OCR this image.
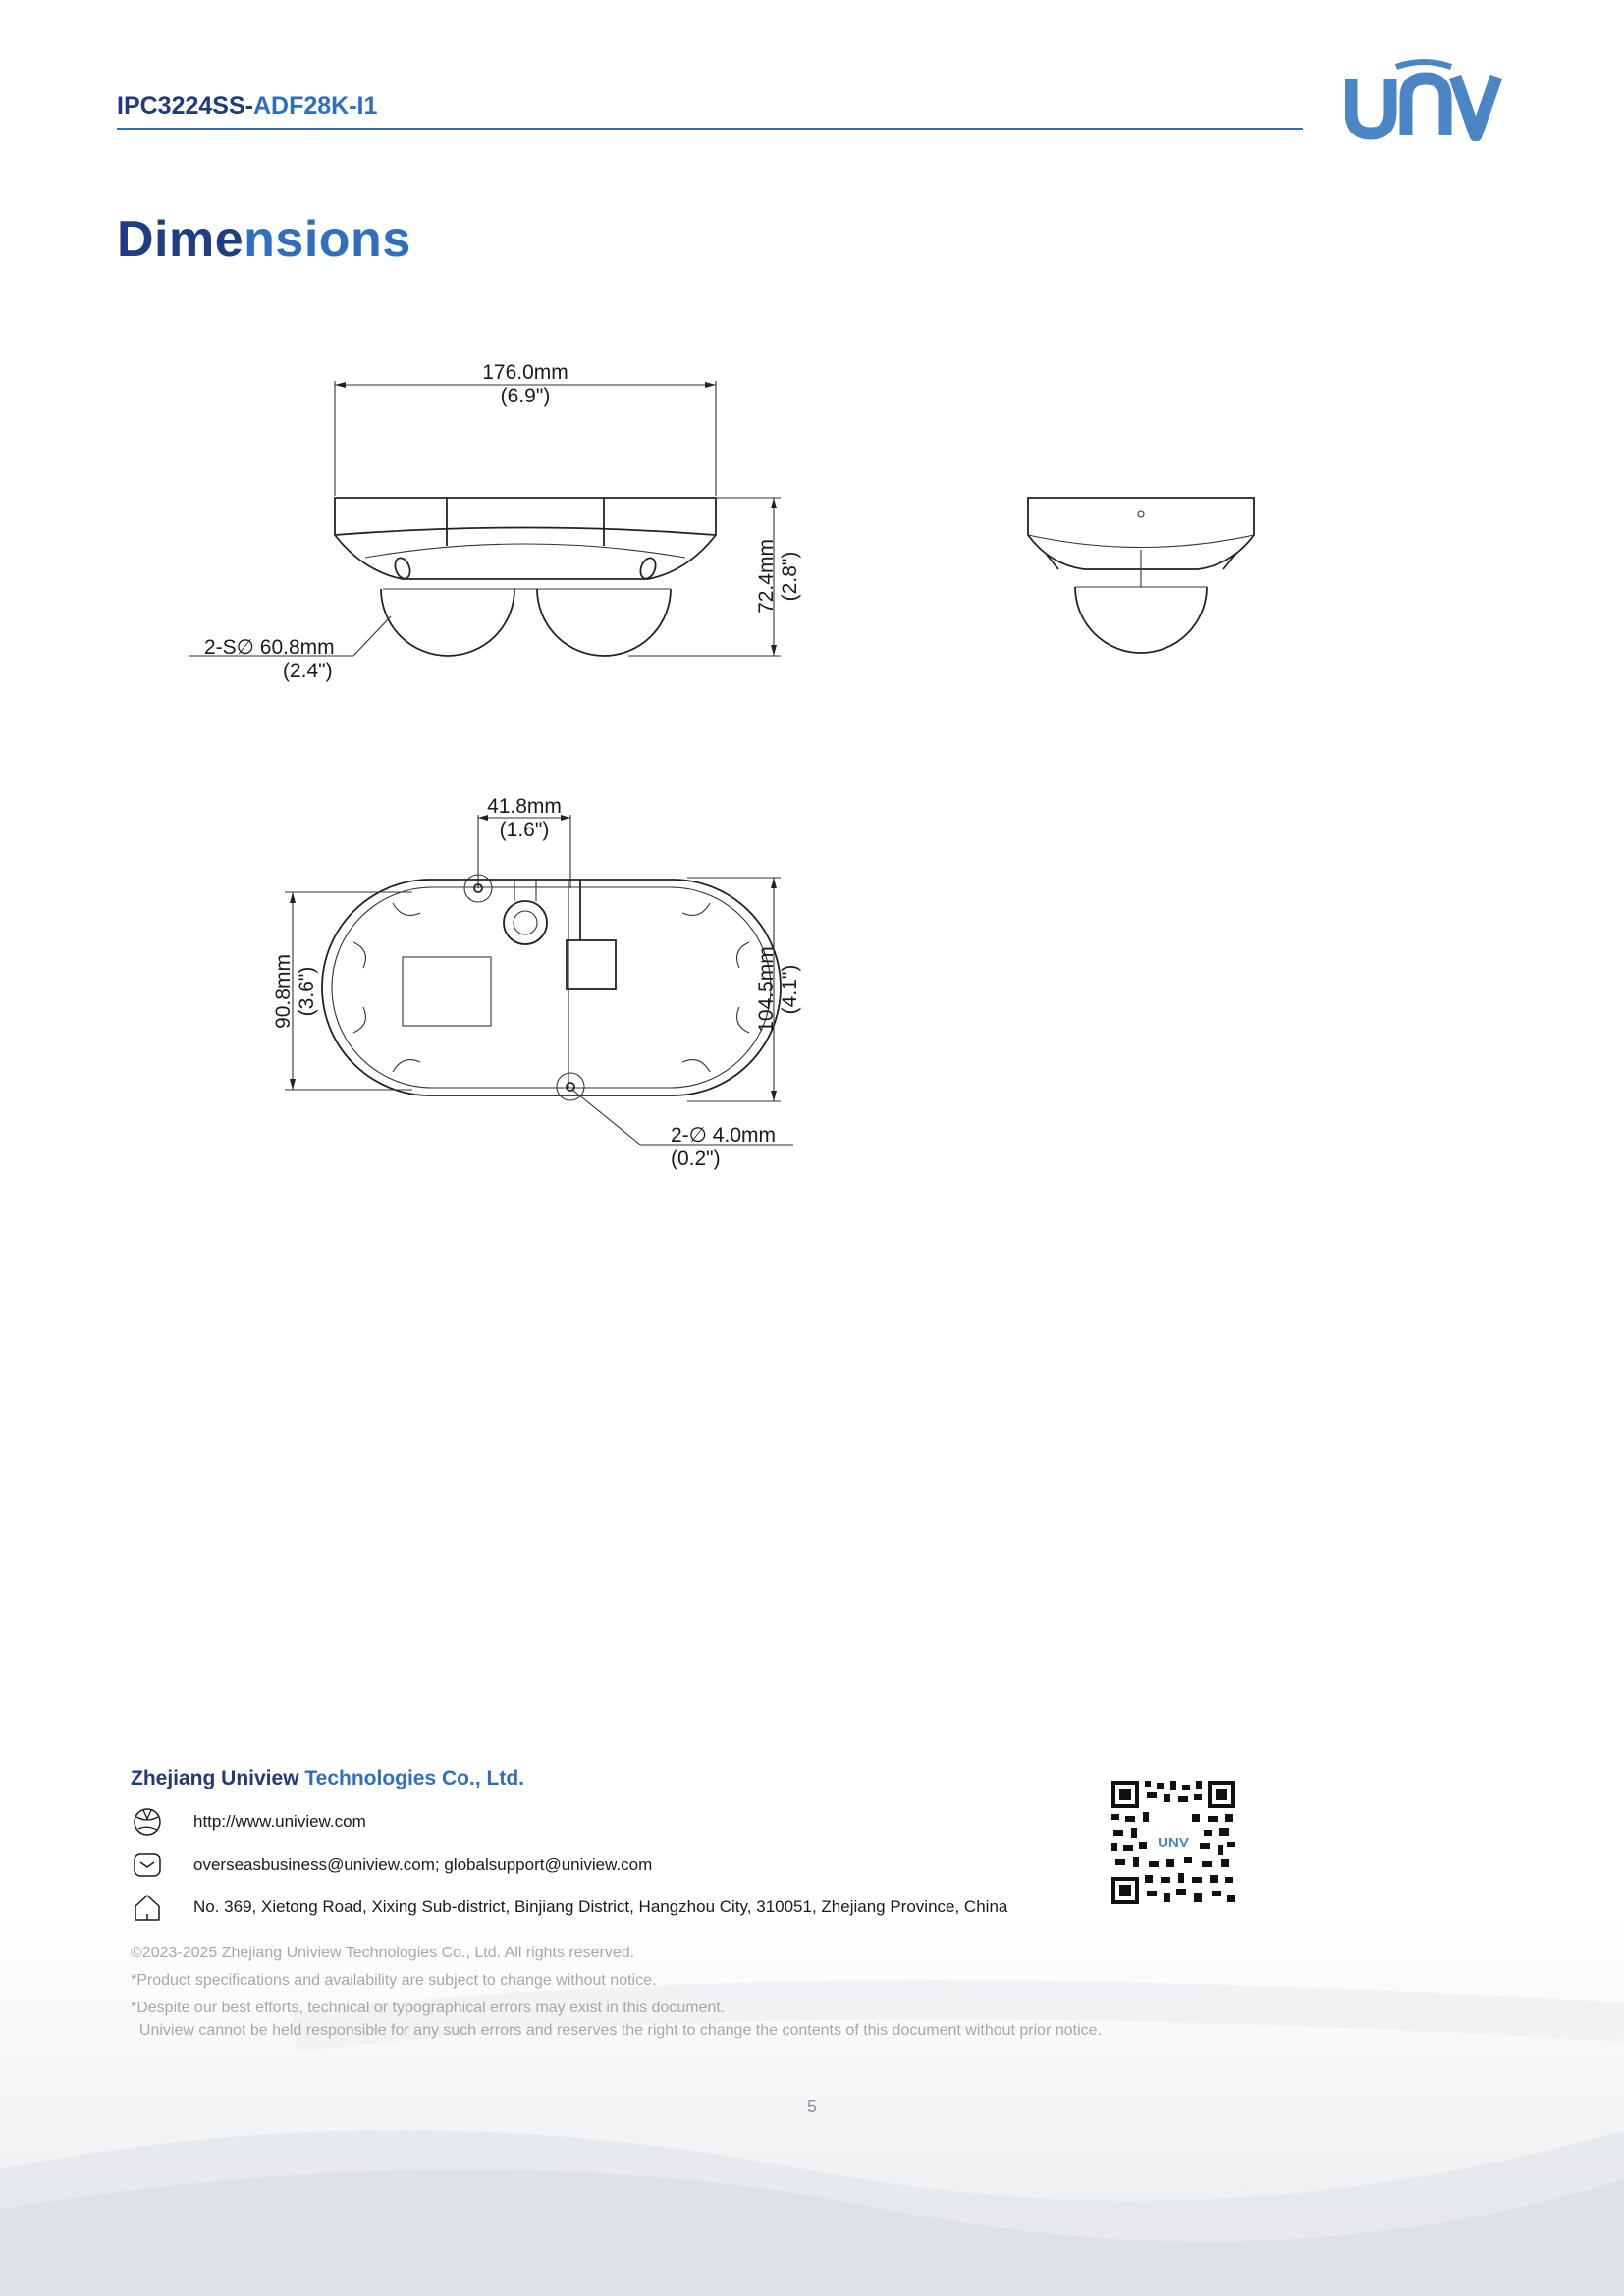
IPC3224SS-ADF28K-I1
Dimensions
176.0mm
(6.9")
72.4mm (2.8")
2-S∅ 60.8mm
(2.4")
41.8mm
(1.6")
90.8mm (3.6")	104.5mm (4.1")
2-∅ 4.0mm
(0.2")
Zhejiang Uniview Technologies Co., Ltd.
http://www.uniview.com
overseasbusiness@uniview.com; globalsupport@uniview.com
No. 369, Xietong Road, Xixing Sub-district, Binjiang District, Hangzhou City, 310051, Zhejiang Province, China
UNV
©2023-2025 Zhejiang Uniview Technologies Co., Ltd. All rights reserved.
*Product specifications and availability are subject to change without notice.
*Despite our best efforts, technical or typographical errors may exist in this document.
Uniview cannot be held responsible for any such errors and reserves the right to change the contents of this document without prior notice.
5
